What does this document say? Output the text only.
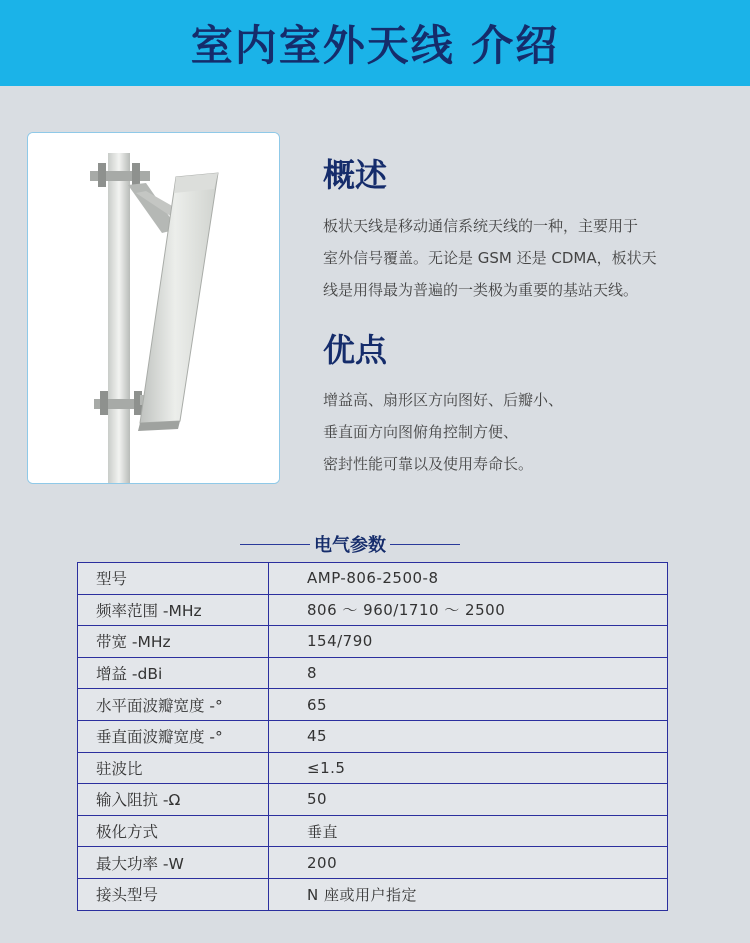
室内室外天线 介绍
概述
板状天线是移动通信系统天线的一种，主要用于
室外信号覆盖。无论是 GSM 还是 CDMA，板状天
线是用得最为普遍的一类极为重要的基站天线。
优点
增益高、扇形区方向图好、后瓣小、
垂直面方向图俯角控制方便、
密封性能可靠以及使用寿命长。
电气参数
型号	AMP-806-2500-8
频率范围 -MHz	806 ～ 960/1710 ～ 2500
带宽 -MHz	154/790
增益 -dBi	8
水平面波瓣宽度 -°	65
垂直面波瓣宽度 -°	45
驻波比	≤1.5
输入阻抗 -Ω	50
极化方式	垂直
最大功率 -W	200
接头型号	N 座或用户指定
